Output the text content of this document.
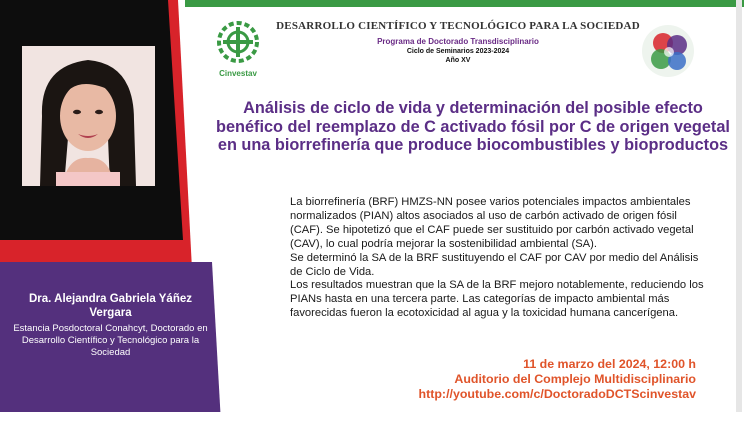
Cinvestav
DESARROLLO CIENTÍFICO Y TECNOLÓGICO PARA LA SOCIEDAD
Programa de Doctorado Transdisciplinario
Ciclo de Seminarios 2023-2024
Año XV
Análisis de ciclo de vida y determinación del posible efecto benéfico del reemplazo de C activado fósil por C de origen vegetal en una biorrefinería que produce biocombustibles y bioproductos

La biorrefinería (BRF) HMZS-NN posee varios potenciales impactos ambientales normalizados (PIAN) altos asociados al uso de carbón activado de origen fósil (CAF). Se hipotetizó que el CAF puede ser sustituido por carbón activado vegetal (CAV), lo cual podría mejorar la sostenibilidad ambiental (SA).

Se determinó la SA de la BRF sustituyendo el CAF por CAV por medio del Análisis de Ciclo de Vida.

Los resultados muestran que la SA de la BRF mejoro notablemente, reduciendo los PIANs hasta en una tercera parte. Las categorías de impacto ambiental más favorecidas fueron la ecotoxicidad al agua y la toxicidad humana cancerígena.

Dra. Alejandra Gabriela Yáñez Vergara

Estancia Posdoctoral Conahcyt, Doctorado en Desarrollo Científico y Tecnológico para la Sociedad
11 de marzo del 2024, 12:00 h
Auditorio del Complejo Multidisciplinario
http://youtube.com/c/DoctoradoDCTScinvestav
